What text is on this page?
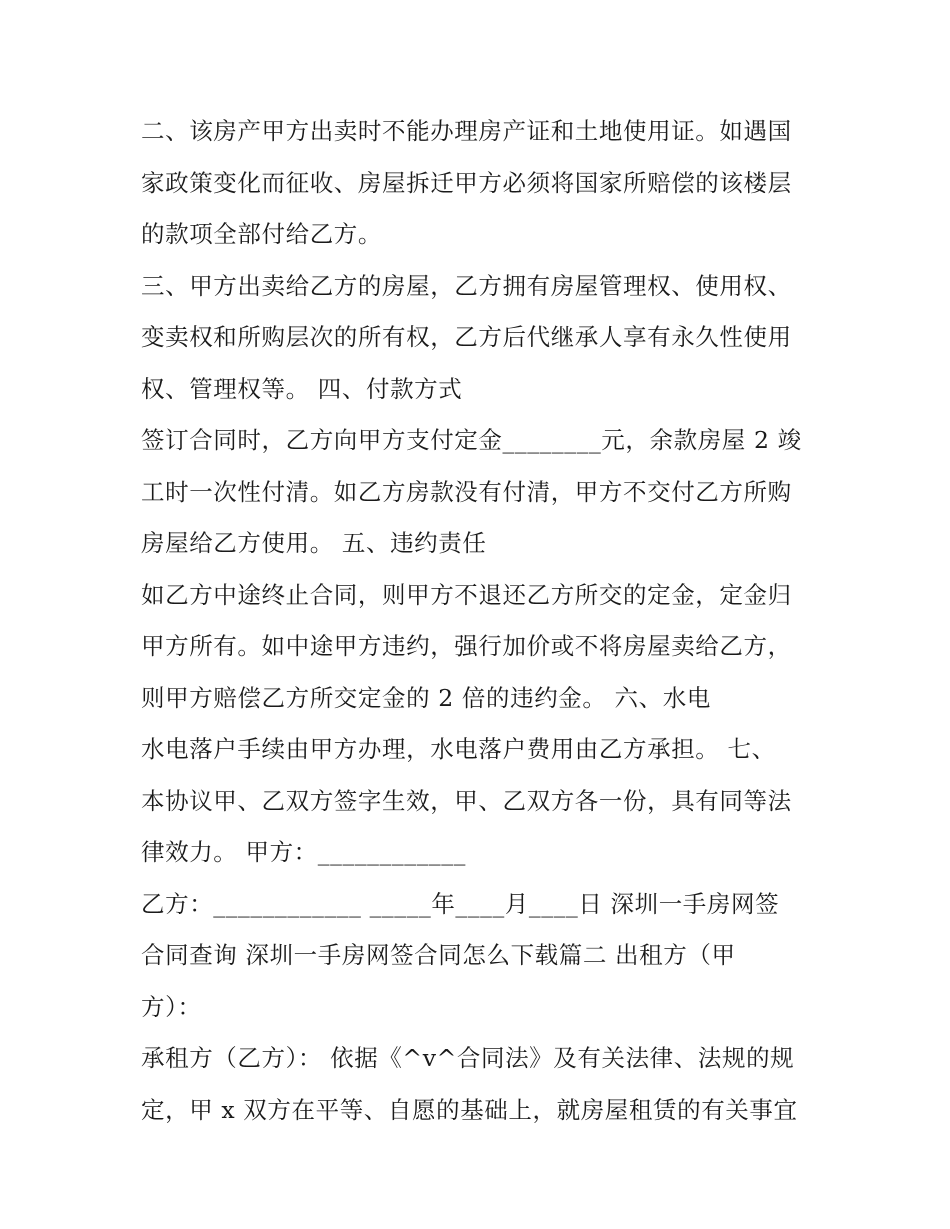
二、该房产甲方出卖时不能办理房产证和土地使用证。如遇国
家政策变化而征收、房屋拆迁甲方必须将国家所赔偿的该楼层
的款项全部付给乙方。
三、甲方出卖给乙方的房屋，乙方拥有房屋管理权、使用权、
变卖权和所购层次的所有权，乙方后代继承人享有永久性使用
权、管理权等。 四、付款方式
签订合同时，乙方向甲方支付定金________元，余款房屋 2 竣
工时一次性付清。如乙方房款没有付清，甲方不交付乙方所购
房屋给乙方使用。 五、违约责任
如乙方中途终止合同，则甲方不退还乙方所交的定金，定金归
甲方所有。如中途甲方违约，强行加价或不将房屋卖给乙方，
则甲方赔偿乙方所交定金的 2 倍的违约金。 六、水电
水电落户手续由甲方办理，水电落户费用由乙方承担。 七、
本协议甲、乙双方签字生效，甲、乙双方各一份，具有同等法
律效力。 甲方：____________
乙方：____________ _____年____月____日 深圳一手房网签
合同查询 深圳一手房网签合同怎么下载篇二 出租方（甲
方）：
承租方（乙方）： 依据《^v^合同法》及有关法律、法规的规
定，甲 x 双方在平等、自愿的基础上，就房屋租赁的有关事宜
